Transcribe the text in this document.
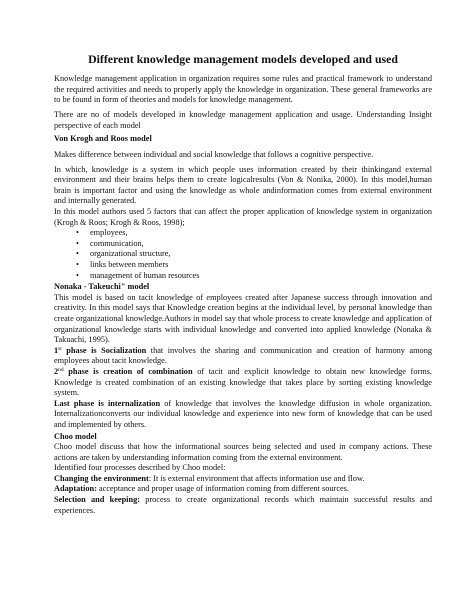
Different knowledge management models developed and used

Knowledge management application in organization requires some rules and practical framework to understand the required activities and needs to properly apply the knowledge in organization. These general frameworks are to be found in form of theories and models for knowledge management.

There are no of models developed in knowledge management application and usage. Understanding Insight perspective of each model

Von Krogh and Roos model

Makes difference between individual and social knowledge that follows a cognitive perspective.

In which, knowledge is a system in which people uses information created by their thinkingand external environment and their brains helps them to create logicalresults (Von & Nonika, 2000). In this model,human brain is important factor and using the knowledge as whole andinformation comes from external environment and internally generated.

In this model authors used 5 factors that can affect the proper application of knowledge system in organization (Krogh & Roos; Krogh & Roos, 1998);

• employees,
• communication,
• organizational structure,
• links between members
• management of human resources

Nonaka - Takeuchi" model

This model is based on tacit knowledge of employees created after Japanese success through innovation and creativity. In this model says that Knowledge creation begins at the individual level, by personal knowledge than create organizational knowledge.Authors in model say that whole process to create knowledge and application of organizational knowledge starts with individual knowledge and converted into applied knowledge (Nonaka & Takuachi, 1995).

1st phase is Socialization that involves the sharing and communication and creation of harmony among employees about tacit knowledge.

2nd phase is creation of combination of tacit and explicit knowledge to obtain new knowledge forms. Knowledge is created combination of an existing knowledge that takes place by sorting existing knowledge system.

Last phase is internalization of knowledge that involves the knowledge diffusion in whole organization. Internalizationconverts our individual knowledge and experience into new form of knowledge that can be used and implemented by others.

Choo model

Choo model discuss that how the informational sources being selected and used in company actions. These actions are taken by understanding information coming from the external environment.

Identified four processes described by Choo model:

Changing the environment: It is external environment that affects information use and flow.

Adaptation: acceptance and proper usage of information coming from different sources.

Selection and keeping: process to create organizational records which maintain successful results and experiences.
